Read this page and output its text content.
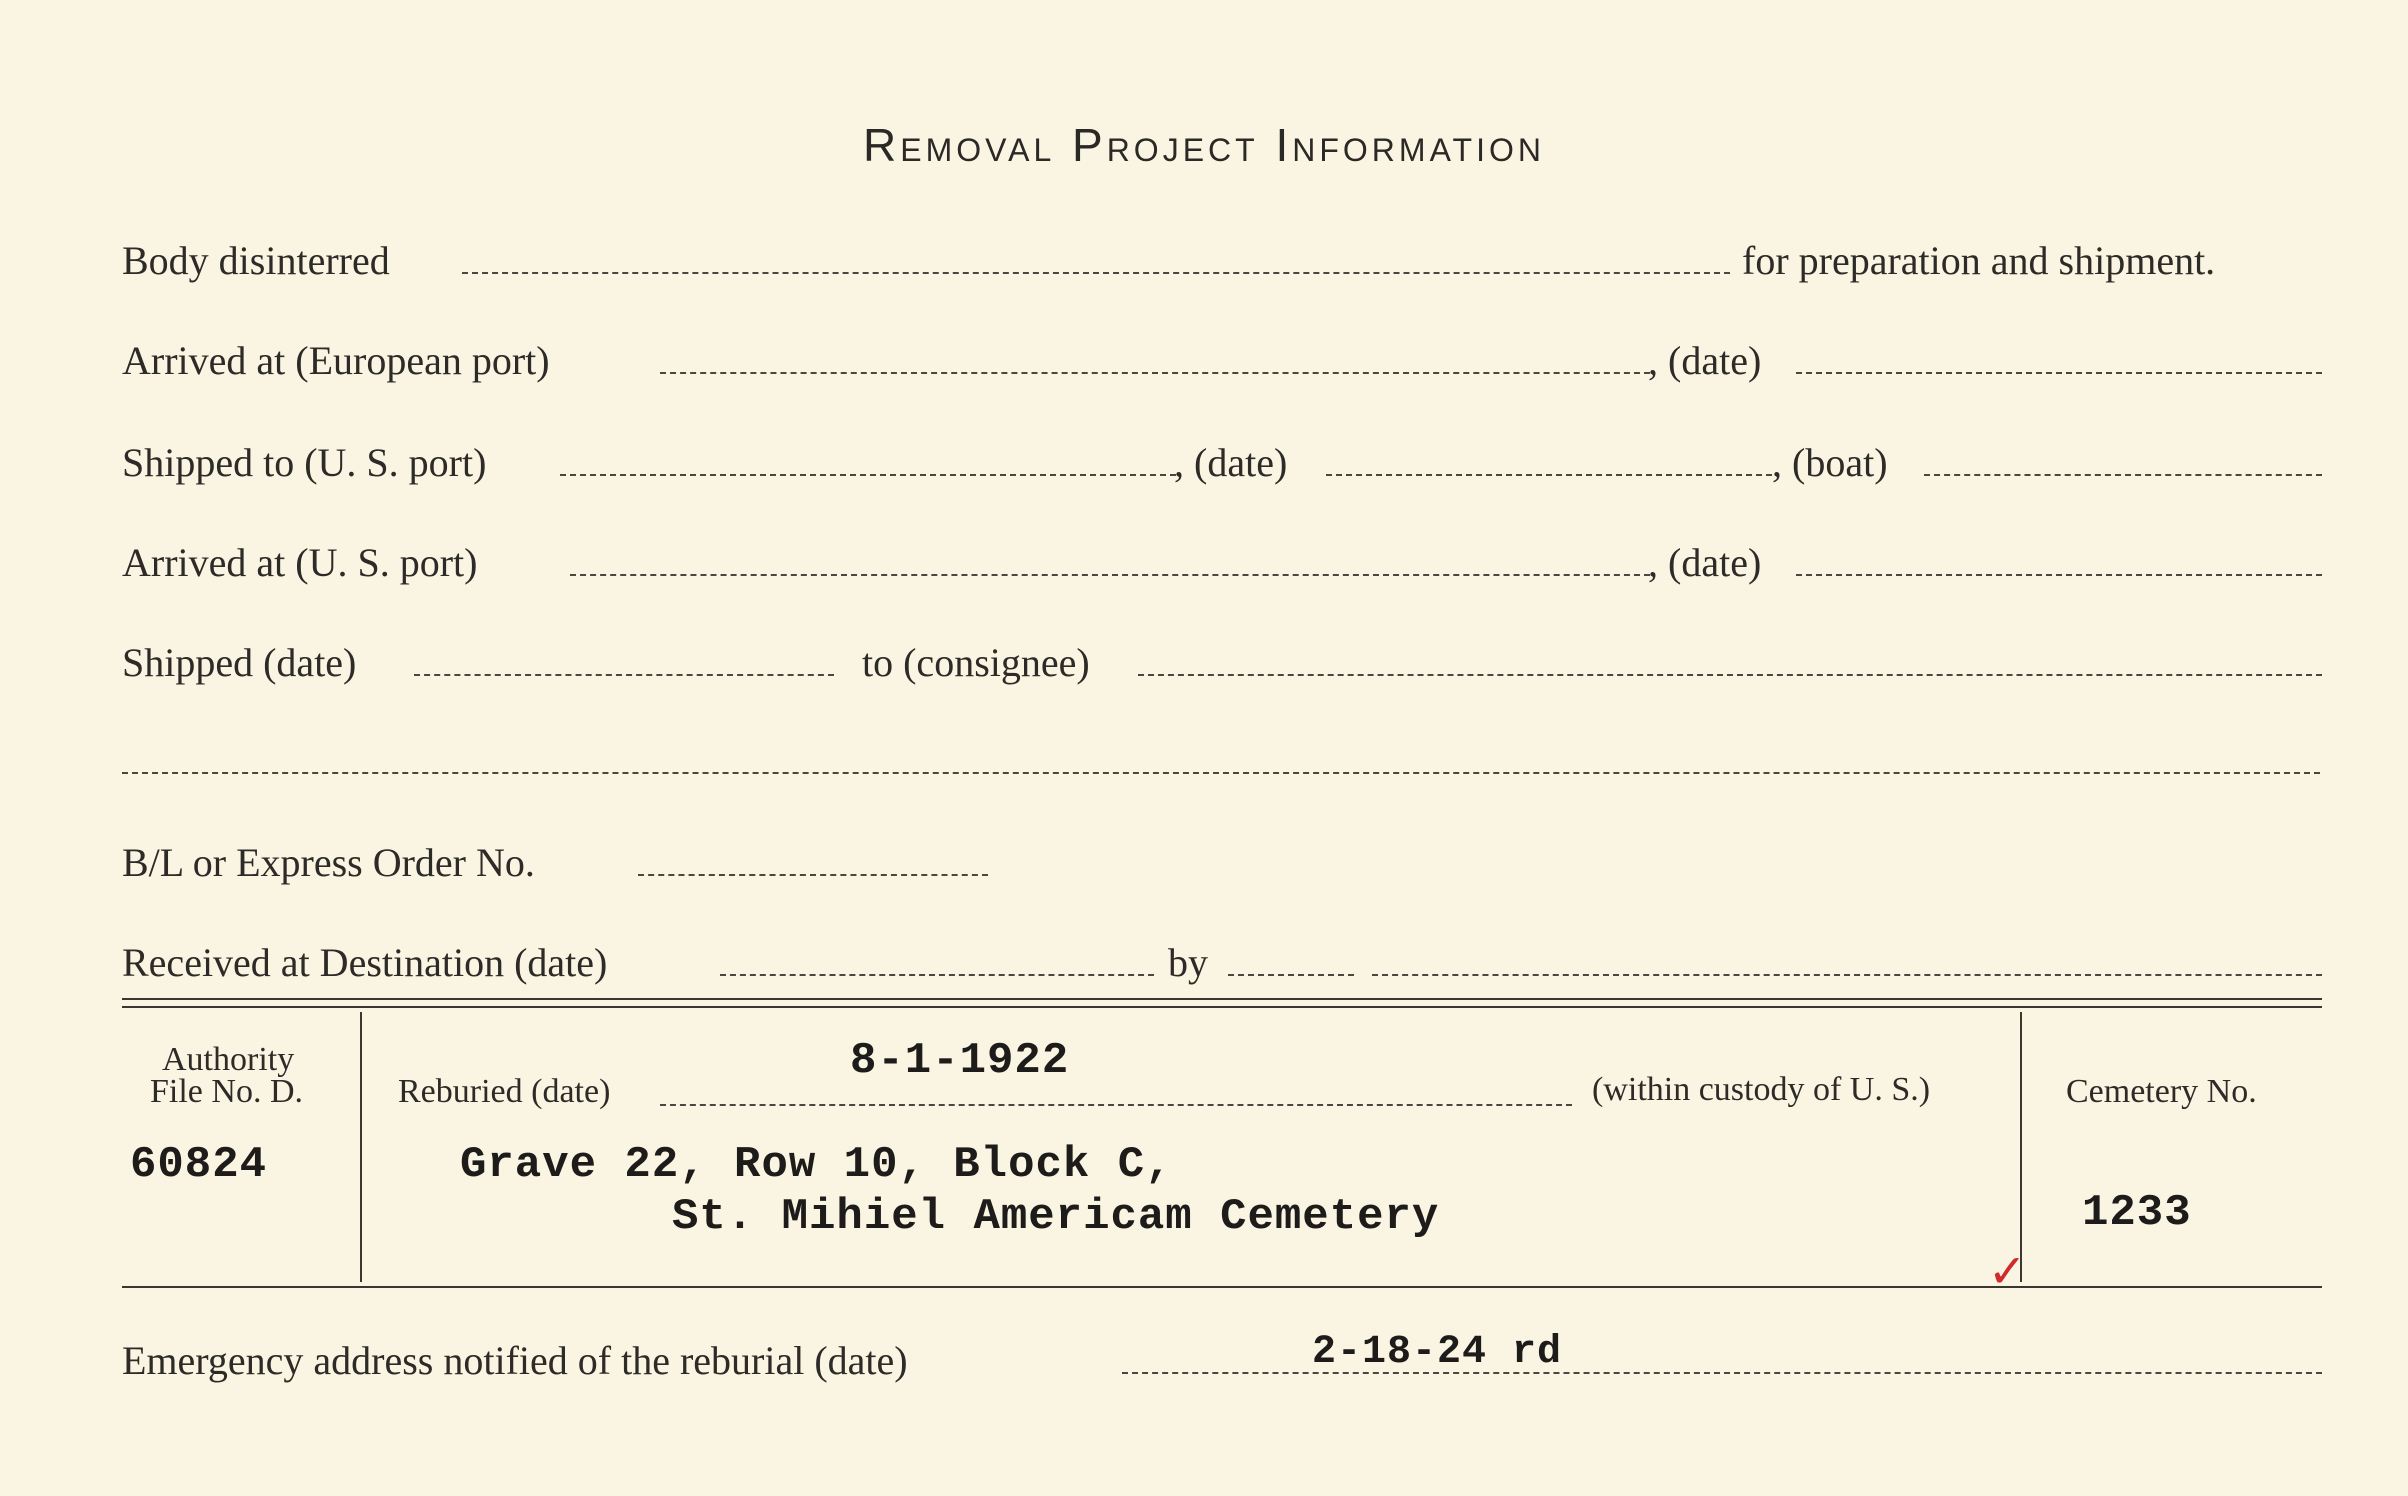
Removal Project Information
Body disinterred	for preparation and shipment.
Arrived at (European port)	, (date)
Shipped to (U. S. port)	, (date)	, (boat)
Arrived at (U. S. port)	, (date)
Shipped (date)	to (consignee)
B/L or Express Order No.
Received at Destination (date)	by
Authority
File No. D.
60824
8-1-1922
Reburied (date)	(within custody of U. S.)
Grave 22, Row 10, Block C,
St. Mihiel Americam Cemetery
Cemetery No.
1233
✓
Emergency address notified of the reburial (date)	2-18-24 rd
